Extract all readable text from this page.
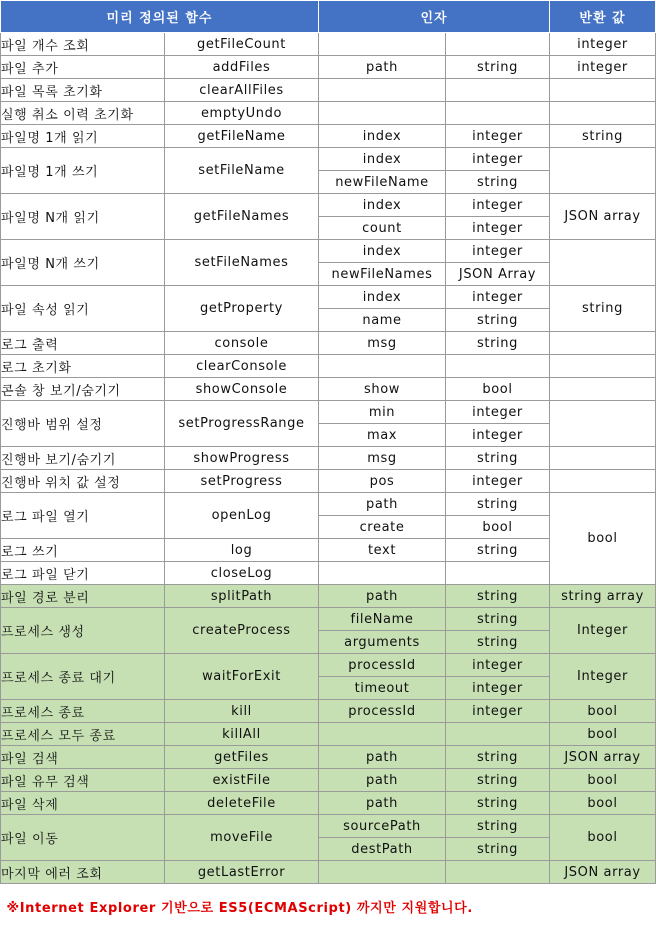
미리 정의된 함수		인자		반환 값
파일 개수 조회	getFileCount			integer
파일 추가	addFiles	path	string	integer
파일 목록 초기화	clearAllFiles			
실행 취소 이력 초기화	emptyUndo			
파일명 1개 읽기	getFileName	index	integer	string
파일명 1개 쓰기	setFileName	index	integer	
		newFileName	string	
파일명 N개 읽기	getFileNames	index	integer	JSON array
		count	integer	
파일명 N개 쓰기	setFileNames	index	integer	
		newFileNames	JSON Array	
파일 속성 읽기	getProperty	index	integer	string
		name	string	
로그 출력	console	msg	string	
로그 초기화	clearConsole			
콘솔 창 보기/숨기기	showConsole	show	bool	
진행바 범위 설정	setProgressRange	min	integer	
		max	integer	
진행바 보기/숨기기	showProgress	msg	string	
진행바 위치 값 설정	setProgress	pos	integer	
로그 파일 열기	openLog	path	string	bool
		create	bool	
로그 쓰기	log	text	string	
로그 파일 닫기	closeLog			
파일 경로 분리	splitPath	path	string	string array
프로세스 생성	createProcess	fileName	string	Integer
		arguments	string	
프로세스 종료 대기	waitForExit	processId	integer	Integer
		timeout	integer	
프로세스 종료	kill	processId	integer	bool
프로세스 모두 종료	killAll			bool
파일 검색	getFiles	path	string	JSON array
파일 유무 검색	existFile	path	string	bool
파일 삭제	deleteFile	path	string	bool
파일 이동	moveFile	sourcePath	string	bool
		destPath	string	
마지막 에러 조회	getLastError			JSON array
※Internet Explorer 기반으로 ES5(ECMAScript) 까지만 지원합니다.				
